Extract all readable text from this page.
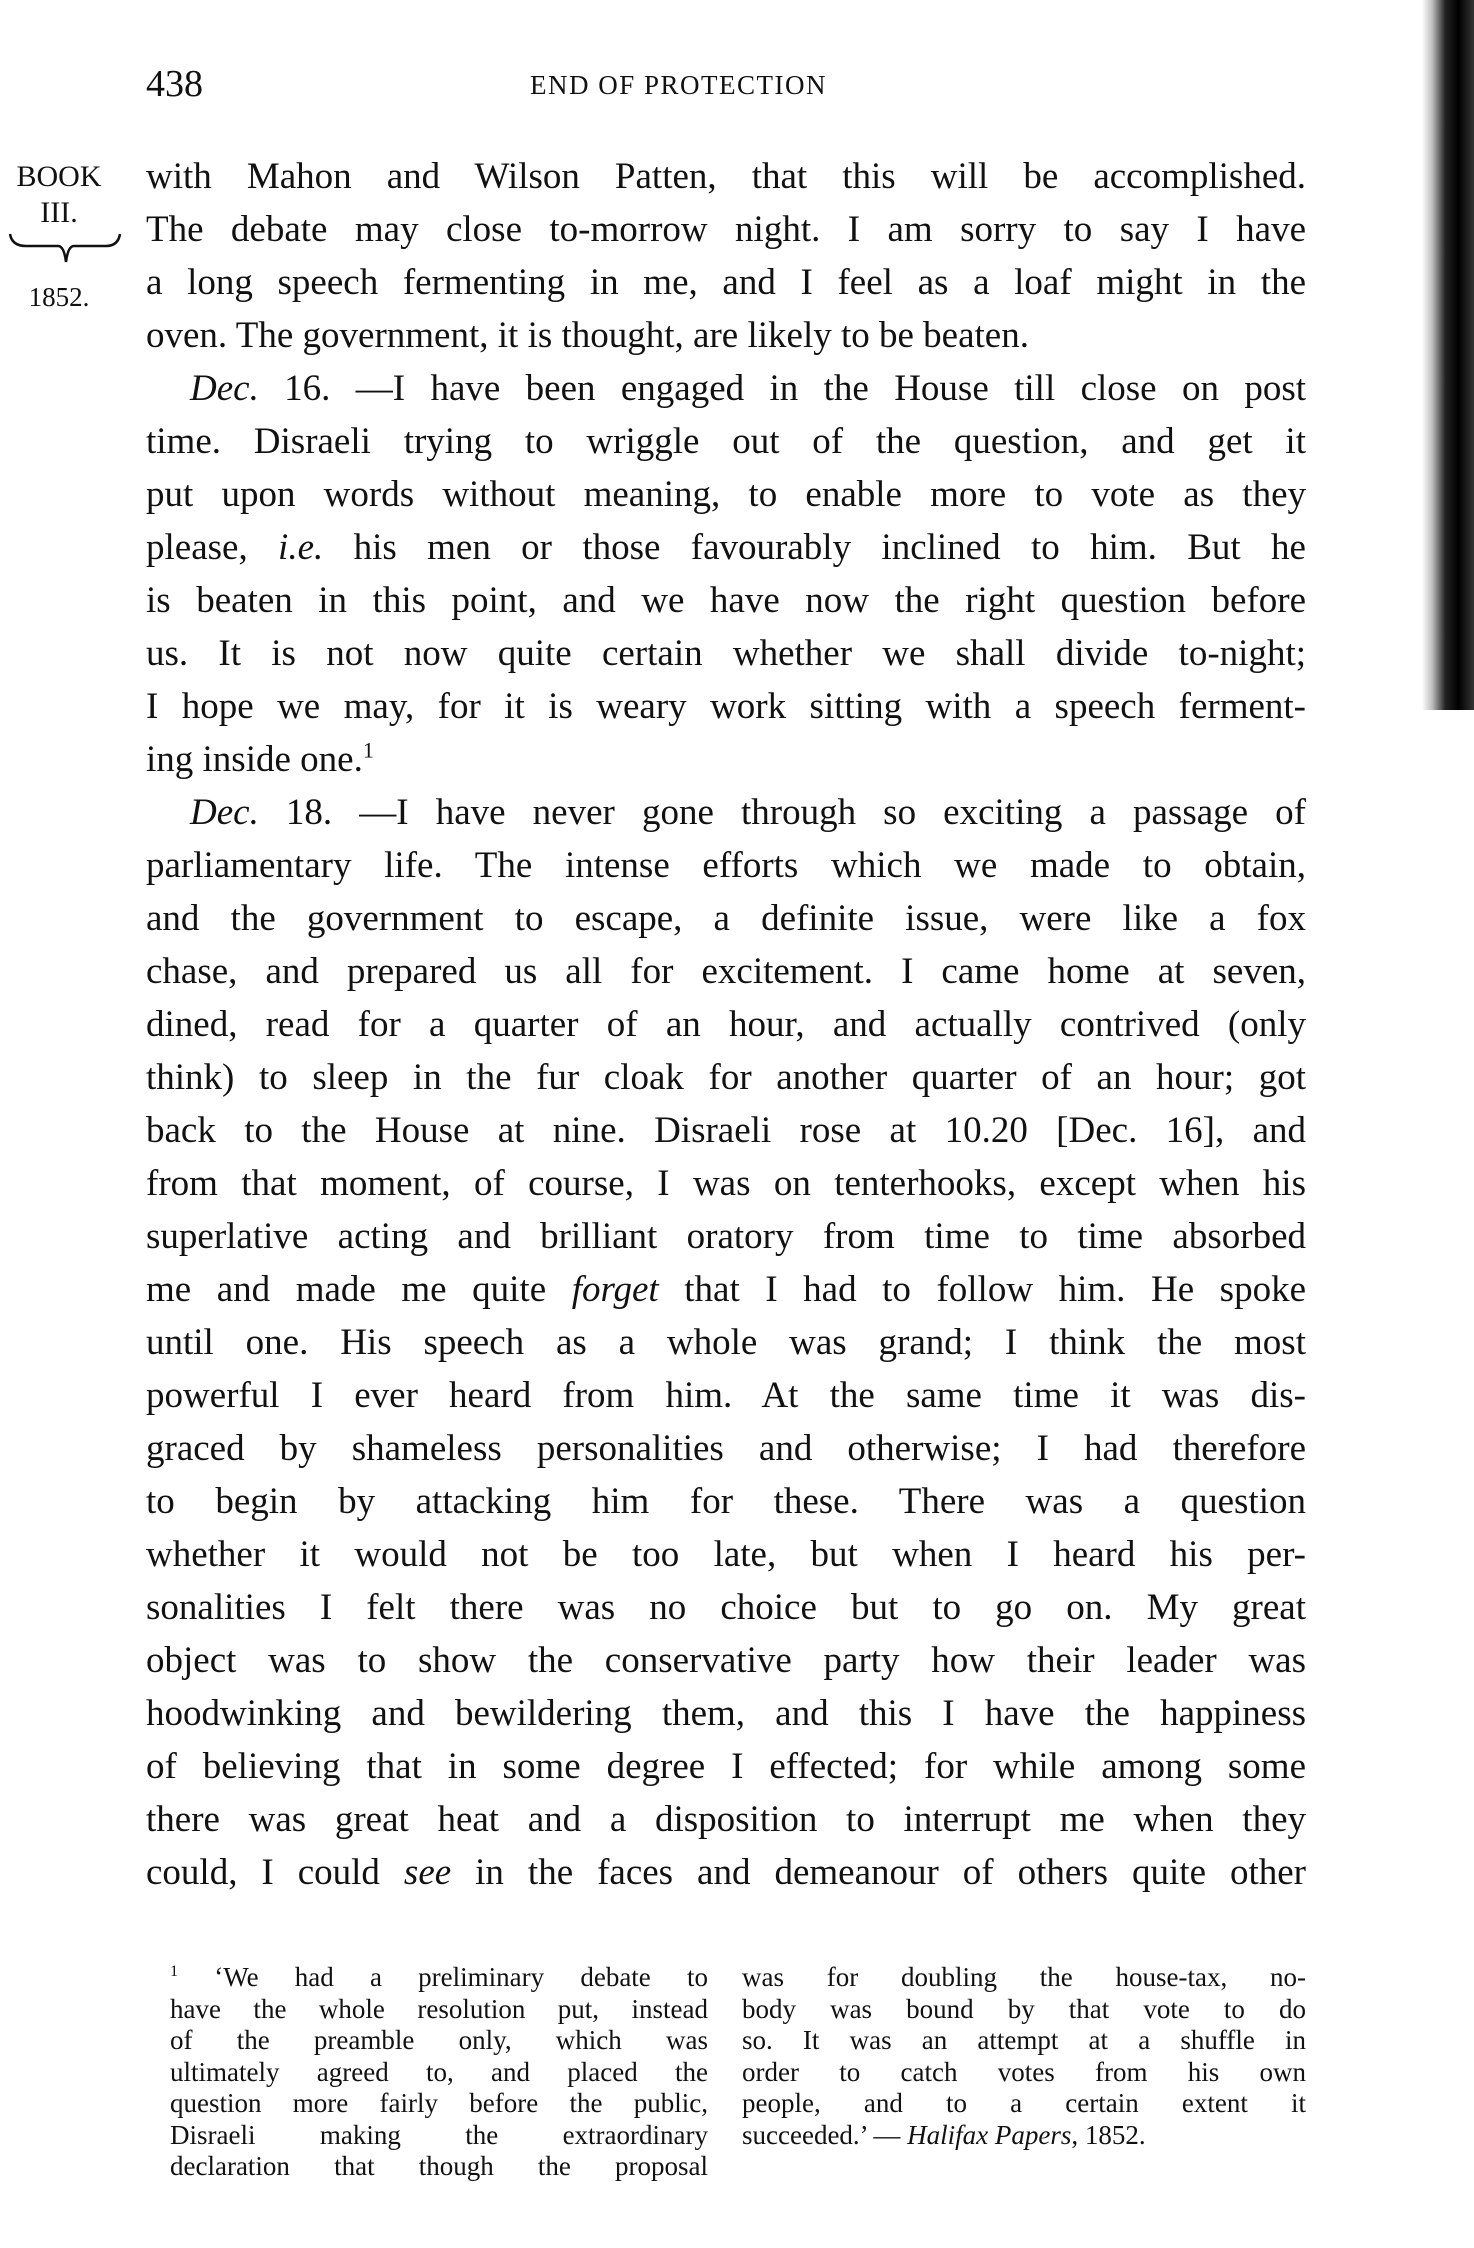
438	END OF PROTECTION
BOOK
III.
1852.
with Mahon and Wilson Patten, that this will be accomplished.
The debate may close to-morrow night. I am sorry to say I have
a long speech fermenting in me, and I feel as a loaf might in the
oven. The government, it is thought, are likely to be beaten.
Dec. 16. —I have been engaged in the House till close on post
time. Disraeli trying to wriggle out of the question, and get it
put upon words without meaning, to enable more to vote as they
please, i.e. his men or those favourably inclined to him. But he
is beaten in this point, and we have now the right question before
us. It is not now quite certain whether we shall divide to-night;
I hope we may, for it is weary work sitting with a speech ferment-
ing inside one.$^1$
Dec. 18. —I have never gone through so exciting a passage of
parliamentary life. The intense efforts which we made to obtain,
and the government to escape, a definite issue, were like a fox
chase, and prepared us all for excitement. I came home at seven,
dined, read for a quarter of an hour, and actually contrived (only
think) to sleep in the fur cloak for another quarter of an hour; got
back to the House at nine. Disraeli rose at 10.20 [Dec. 16], and
from that moment, of course, I was on tenterhooks, except when his
superlative acting and brilliant oratory from time to time absorbed
me and made me quite forget that I had to follow him. He spoke
until one. His speech as a whole was grand; I think the most
powerful I ever heard from him. At the same time it was dis-
graced by shameless personalities and otherwise; I had therefore
to begin by attacking him for these. There was a question
whether it would not be too late, but when I heard his per-
sonalities I felt there was no choice but to go on. My great
object was to show the conservative party how their leader was
hoodwinking and bewildering them, and this I have the happiness
of believing that in some degree I effected; for while among some
there was great heat and a disposition to interrupt me when they
could, I could see in the faces and demeanour of others quite other
$^1$ ‘We had a preliminary debate to
have the whole resolution put, instead
of the preamble only, which was
ultimately agreed to, and placed the
question more fairly before the public,
Disraeli making the extraordinary
declaration that though the proposal
was for doubling the house-tax, no-
body was bound by that vote to do
so. It was an attempt at a shuffle in
order to catch votes from his own
people, and to a certain extent it
succeeded.’ — Halifax Papers, 1852.
